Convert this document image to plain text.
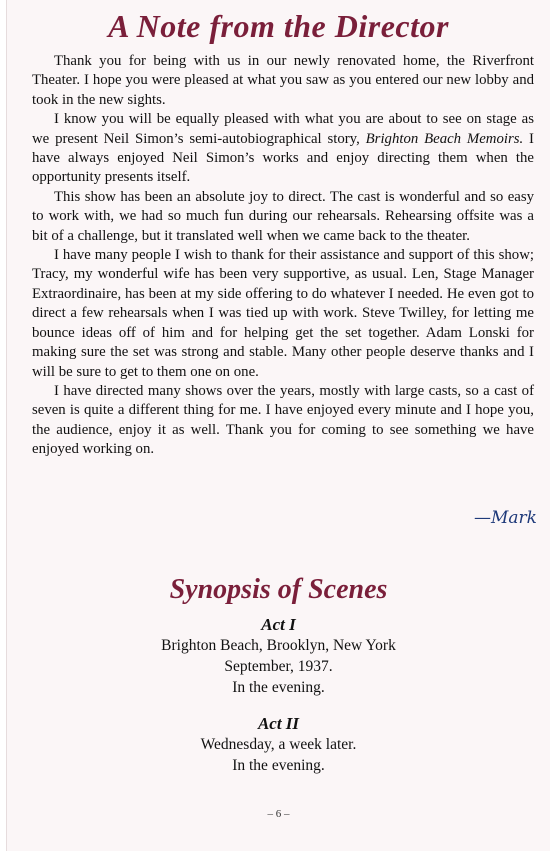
A Note from the Director

Thank you for being with us in our newly renovated home, the Riverfront Theater. I hope you were pleased at what you saw as you entered our new lobby and took in the new sights.

I know you will be equally pleased with what you are about to see on stage as we present Neil Simon’s semi-autobiographical story, Brighton Beach Memoirs. I have always enjoyed Neil Simon’s works and enjoy directing them when the opportunity presents itself.

This show has been an absolute joy to direct. The cast is wonderful and so easy to work with, we had so much fun during our rehearsals. Rehearsing offsite was a bit of a challenge, but it translated well when we came back to the theater.

I have many people I wish to thank for their assistance and support of this show; Tracy, my wonderful wife has been very supportive, as usual. Len, Stage Manager Extraordinaire, has been at my side offering to do whatever I needed. He even got to direct a few rehearsals when I was tied up with work. Steve Twilley, for letting me bounce ideas off of him and for helping get the set together. Adam Lonski for making sure the set was strong and stable. Many other people deserve thanks and I will be sure to get to them one on one.

I have directed many shows over the years, mostly with large casts, so a cast of seven is quite a different thing for me. I have enjoyed every minute and I hope you, the audience, enjoy it as well. Thank you for coming to see something we have enjoyed working on.

—Mark
Synopsis of Scenes
Act I
Brighton Beach, Brooklyn, New York
September, 1937.
In the evening.
Act II
Wednesday, a week later.
In the evening.
– 6 –
